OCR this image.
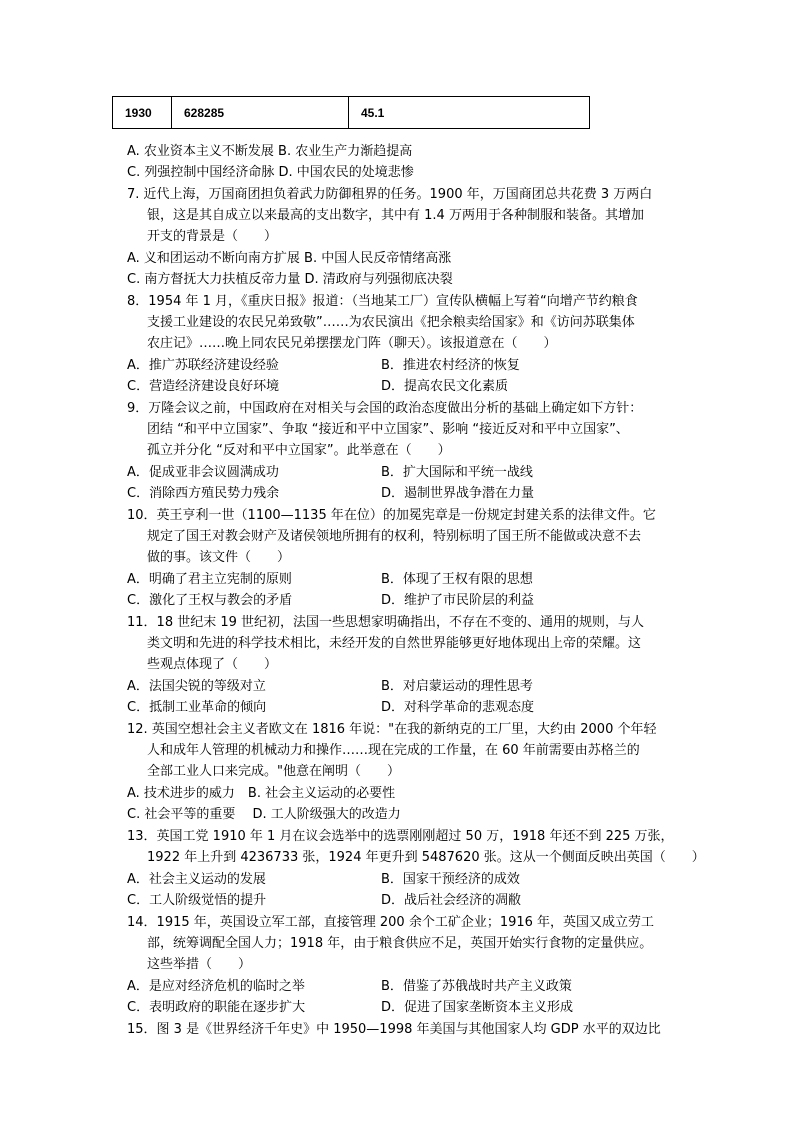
1930	628285	45.1
A. 农业资本主义不断发展 B. 农业生产力渐趋提高
C. 列强控制中国经济命脉 D. 中国农民的处境悲惨
7. 近代上海，万国商团担负着武力防御租界的任务。1900 年，万国商团总共花费 3 万两白
银，这是其自成立以来最高的支出数字，其中有 1.4 万两用于各种制服和装备。其增加
开支的背景是（　　）
A. 义和团运动不断向南方扩展 B. 中国人民反帝情绪高涨
C. 南方督抚大力扶植反帝力量 D. 清政府与列强彻底决裂
8．1954 年 1 月，《重庆日报》报道：（当地某工厂）宣传队横幅上写着“向增产节约粮食
支援工业建设的农民兄弟致敬”……为农民演出《把余粮卖给国家》和《访问苏联集体
农庄记》……晚上同农民兄弟摆摆龙门阵（聊天）。该报道意在（　　）
A．推广苏联经济建设经验	B．推进农村经济的恢复
C．营造经济建设良好环境	D．提高农民文化素质
9．万隆会议之前，中国政府在对相关与会国的政治态度做出分析的基础上确定如下方针：
团结 “和平中立国家”、争取 “接近和平中立国家”、影响 “接近反对和平中立国家”、
孤立并分化 “反对和平中立国家”。此举意在（　　）
A．促成亚非会议圆满成功	B．扩大国际和平统一战线
C．消除西方殖民势力残余	D．遏制世界战争潜在力量
10．英王亨利一世（1100—1135 年在位）的加冕宪章是一份规定封建关系的法律文件。它
规定了国王对教会财产及诸侯领地所拥有的权利，特别标明了国王所不能做或决意不去
做的事。该文件（　　）
A．明确了君主立宪制的原则	B．体现了王权有限的思想
C．激化了王权与教会的矛盾	D．维护了市民阶层的利益
11．18 世纪末 19 世纪初，法国一些思想家明确指出，不存在不变的、通用的规则，与人
类文明和先进的科学技术相比，未经开发的自然世界能够更好地体现出上帝的荣耀。这
些观点体现了（　　）
A．法国尖锐的等级对立	B．对启蒙运动的理性思考
C．抵制工业革命的倾向	D．对科学革命的悲观态度
12. 英国空想社会主义者欧文在 1816 年说："在我的新纳克的工厂里，大约由 2000 个年轻
人和成年人管理的机械动力和操作……现在完成的工作量，在 60 年前需要由苏格兰的
全部工业人口来完成。"他意在阐明（　　）
A. 技术进步的威力　B. 社会主义运动的必要性
C. 社会平等的重要　 D. 工人阶级强大的改造力
13．英国工党 1910 年 1 月在议会选举中的选票刚刚超过 50 万，1918 年还不到 225 万张，
1922 年上升到 4236733 张，1924 年更升到 5487620 张。这从一个侧面反映出英国（　　）
A．社会主义运动的发展	B．国家干预经济的成效
C．工人阶级觉悟的提升	D．战后社会经济的凋敝
14．1915 年，英国设立军工部，直接管理 200 余个工矿企业；1916 年，英国又成立劳工
部，统筹调配全国人力；1918 年，由于粮食供应不足，英国开始实行食物的定量供应。
这些举措（　　）
A．是应对经济危机的临时之举	B．借鉴了苏俄战时共产主义政策
C．表明政府的职能在逐步扩大	D．促进了国家垄断资本主义形成
15．图 3 是《世界经济千年史》中 1950—1998 年美国与其他国家人均 GDP 水平的双边比
